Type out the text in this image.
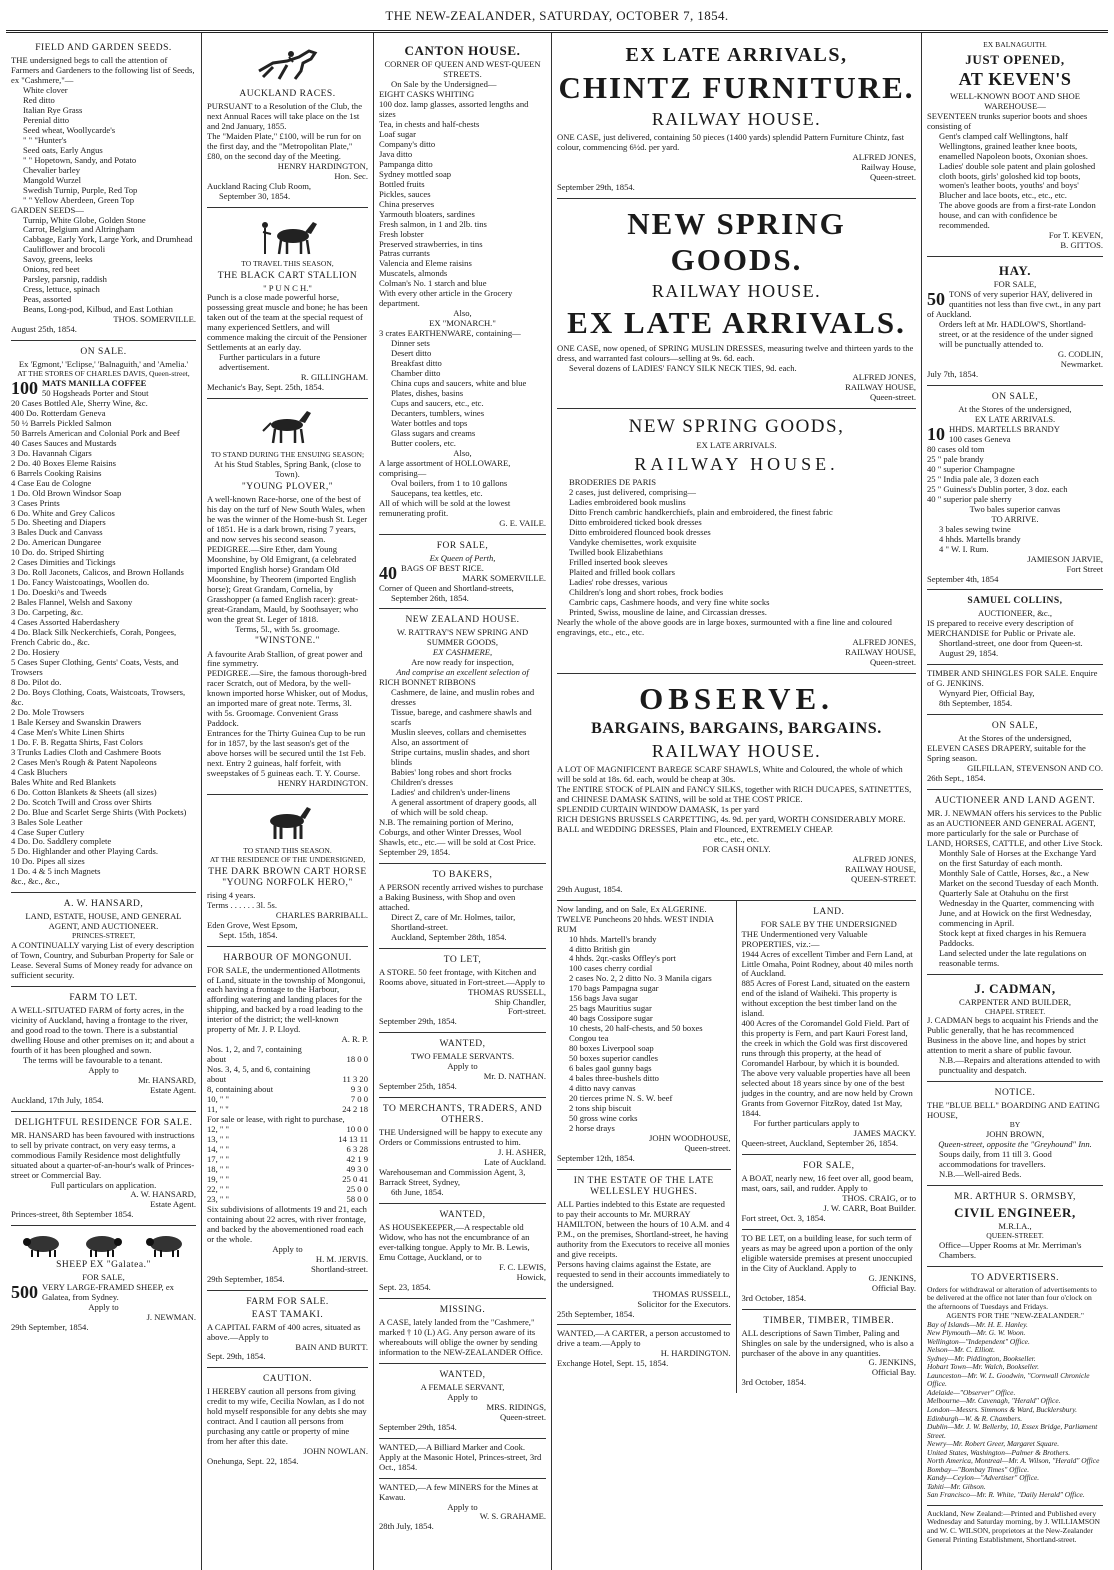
THE NEW-ZEALANDER, SATURDAY, OCTOBER 7, 1854.
FIELD AND GARDEN SEEDS.

THE undersigned begs to call the attention of Farmers and Gardeners to the following list of Seeds, ex "Cashmere,"—

White clover
Red ditto
Italian Rye Grass
Perenial ditto
Seed wheat, Woollycarde's
" " "Hunter's
Seed oats, Early Angus
" " Hopetown, Sandy, and Potato
Chevalier barley
Mangold Wurzel
Swedish Turnip, Purple, Red Top
" " Yellow Aberdeen, Green Top

GARDEN SEEDS—

Turnip, White Globe, Golden Stone
Carrot, Belgium and Altringham
Cabbage, Early York, Large York, and Drumhead
Cauliflower and brocoli
Savoy, greens, leeks
Onions, red beet
Parsley, parsnip, raddish
Cress, lettuce, spinach
Peas, assorted
Beans, Long-pod, Kilbud, and East Lothian

THOS. SOMERVILLE.

August 25th, 1854.

ON SALE.

Ex 'Egmont,' 'Eclipse,' 'Balnaguith,' and 'Amelia.'

AT THE STORES OF CHARLES DAVIS, Queen-street,

100 MATS MANILLA COFFEE

50 Hogsheads Porter and Stout
20 Cases Bottled Ale, Sherry Wine, &c.
400 Do. Rotterdam Geneva
50 ½ Barrels Pickled Salmon
50 Barrels American and Colonial Pork and Beef
40 Cases Sauces and Mustards
3 Do. Havannah Cigars
2 Do. 40 Boxes Eleme Raisins
6 Barrels Cooking Raisins
4 Case Eau de Cologne
1 Do. Old Brown Windsor Soap
3 Cases Prints
6 Do. White and Grey Calicos
5 Do. Sheeting and Diapers
3 Bales Duck and Canvass
2 Do. American Dungaree
10 Do. do. Striped Shirting
2 Cases Dimities and Tickings
3 Do. Roll Jaconets, Calicos, and Brown Hollands
1 Do. Fancy Waistcoatings, Woollen do.
1 Do. Doeski^s and Tweeds
2 Bales Flannel, Welsh and Saxony
3 Do. Carpeting, &c.
4 Cases Assorted Haberdashery
4 Do. Black Silk Neckerchiefs, Corah, Pongees, French Cabric do., &c.
2 Do. Hosiery
5 Cases Super Clothing, Gents' Coats, Vests, and Trowsers
8 Do. Pilot do.
2 Do. Boys Clothing, Coats, Waistcoats, Trowsers, &c.
2 Do. Mole Trowsers
1 Bale Kersey and Swanskin Drawers
4 Case Men's White Linen Shirts
1 Do. F. B. Regatta Shirts, Fast Colors
3 Trunks Ladies Cloth and Cashmere Boots
2 Cases Men's Rough & Patent Napoleons
4 Cask Bluchers
Bales White and Red Blankets
6 Do. Cotton Blankets & Sheets (all sizes)
2 Do. Scotch Twill and Cross over Shirts
2 Do. Blue and Scarlet Serge Shirts (With Pockets)
3 Bales Sole Leather
4 Case Super Cutlery
4 Do. Do. Saddlery complete
5 Do. Highlander and other Playing Cards.
10 Do. Pipes all sizes
1 Do. 4 & 5 inch Magnets
&c., &c., &c.,
A. W. HANSARD,

LAND, ESTATE, HOUSE, AND GENERAL AGENT, AND AUCTIONEER.

PRINCES-STREET,

A CONTINUALLY varying List of every description of Town, Country, and Suburban Property for Sale or Lease. Several Sums of Money ready for advance on sufficient security.

FARM TO LET.

A WELL-SITUATED FARM of forty acres, in the vicinity of Auckland, having a frontage to the river, and good road to the town. There is a substantial dwelling House and other premises on it; and about a fourth of it has been ploughed and sown.

The terms will be favourable to a tenant.

Apply to

Mr. HANSARD,

Estate Agent.

Auckland, 17th July, 1854.

DELIGHTFUL RESIDENCE FOR SALE.

MR. HANSARD has been favoured with instructions to sell by private contract, on very easy terms, a commodious Family Residence most delightfully situated about a quarter-of-an-hour's walk of Princes-street or Commercial Bay.

Full particulars on application.

A. W. HANSARD,

Estate Agent.

Princes-street, 8th September 1854.

SHEEP EX "Galatea."

FOR SALE,

500 VERY LARGE-FRAMED SHEEP, ex Galatea, from Sydney.

Apply to

J. NEWMAN.

29th September, 1854.

AUCKLAND RACES.

PURSUANT to a Resolution of the Club, the next Annual Races will take place on the 1st and 2nd January, 1855.

The "Maiden Plate," £100, will be run for on the first day, and the "Metropolitan Plate," £80, on the second day of the Meeting.

HENRY HARDINGTON,

Hon. Sec.

Auckland Racing Club Room,

September 30, 1854.

TO TRAVEL THIS SEASON,

THE BLACK CART STALLION

" P U N C H."

Punch is a close made powerful horse, possessing great muscle and bone; he has been taken out of the team at the special request of many experienced Settlers, and will commence making the circuit of the Pensioner Settlements at an early day.

Further particulars in a future advertisement.

R. GILLINGHAM.

Mechanic's Bay, Sept. 25th, 1854.

TO STAND DURING THE ENSUING SEASON;

At his Stud Stables, Spring Bank, (close to Town).

"YOUNG PLOVER,"

A well-known Race-horse, one of the best of his day on the turf of New South Wales, when he was the winner of the Home-bush St. Leger of 1851. He is a dark brown, rising 7 years, and now serves his second season.

PEDIGREE.—Sire Ether, dam Young Moonshine, by Old Emigrant, (a celebrated imported English horse) Grandam Old Moonshine, by Theorem (imported English horse); Great Grandam, Cornelia, by Grasshopper (a famed English racer): great-great-Grandam, Mauld, by Soothsayer; who won the great St. Leger of 1818.

Terms, 5l., with 5s. groomage.

"WINSTONE."

A favourite Arab Stallion, of great power and fine symmetry.

PEDIGREE.—Sire, the famous thorough-bred racer Scratch, out of Medora, by the well-known imported horse Whisker, out of Modus, an imported mare of great note. Terms, 3l. with 5s. Groomage. Convenient Grass Paddock.

Entrances for the Thirty Guinea Cup to be run for in 1857, by the last season's get of the above horses will be secured until the 1st Feb. next. Entry 2 guineas, half forfeit, with sweepstakes of 5 guineas each. T. Y. Course.

HENRY HARDINGTON.

TO STAND THIS SEASON.

AT THE RESIDENCE OF THE UNDERSIGNED,

THE DARK BROWN CART HORSE "YOUNG NORFOLK HERO,"

rising 4 years.

Terms . . . . . . 3l. 5s.

CHARLES BARRIBALL.

Eden Grove, West Epsom,

Sept. 15th, 1854.

HARBOUR OF MONGONUI.

FOR SALE, the undermentioned Allotments of Land, situate in the township of Mongonui, each having a frontage to the Harbour, affording watering and landing places for the shipping, and backed by a road leading to the interior of the district; the well-known property of Mr. J. P. Lloyd.

A. R. P.

Nos. 1, 2, and 7, containing
about	18 0 0
Nos. 3, 4, 5, and 6, containing
about	11 3 20
8, containing about	9 3 0
10, " "	7 0 0
11, " "	24 2 18
For sale or lease, with right to purchase,
12, " "	10 0 0
13, " "	14 13 11
14, " "	6 3 28
17, " "	42 1 9
18, " "	49 3 0
19, " "	25 0 41
22, " "	25 0 0
23, " "	58 0 0

Six subdivisions of allotments 19 and 21, each containing about 22 acres, with river frontage, and backed by the abovementioned road each or the whole.

Apply to

H. M. JERVIS.

Shortland-street.

29th September, 1854.

FARM FOR SALE.
EAST TAMAKI.

A CAPITAL FARM of 400 acres, situated as above.—Apply to

BAIN AND BURTT.

Sept. 29th, 1854.

CAUTION.

I HEREBY caution all persons from giving credit to my wife, Cecilia Nowlan, as I do not hold myself responsible for any debts she may contract. And I caution all persons from purchasing any cattle or property of mine from her after this date.

JOHN NOWLAN.

Onehunga, Sept. 22, 1854.

CANTON HOUSE.

CORNER OF QUEEN AND WEST-QUEEN STREETS.

On Sale by the Undersigned—

EIGHT CASKS WHITING

100 doz. lamp glasses, assorted lengths and sizes
Tea, in chests and half-chests
Loaf sugar
Company's ditto
Java ditto
Pampanga ditto
Sydney mottled soap
Bottled fruits
Pickles, sauces
China preserves
Yarmouth bloaters, sardines
Fresh salmon, in 1 and 2lb. tins
Fresh lobster
Preserved strawberries, in tins
Patras currants
Valencia and Eleme raisins
Muscatels, almonds
Colman's No. 1 starch and blue

With every other article in the Grocery department.

Also,

EX "MONARCH."

3 crates EARTHENWARE, containing—

Dinner sets
Desert ditto
Breakfast ditto
Chamber ditto
China cups and saucers, white and blue
Plates, dishes, basins
Cups and saucers, etc., etc.
Decanters, tumblers, wines
Water bottles and tops
Glass sugars and creams
Butter coolers, etc.

Also,

A large assortment of HOLLOWARE, comprising—

Oval boilers, from 1 to 10 gallons
Saucepans, tea kettles, etc.

All of which will be sold at the lowest remunerating profit.

G. E. VAILE.

FOR SALE,

Ex Queen of Perth,

40 BAGS OF BEST RICE.

MARK SOMERVILLE.

Corner of Queen and Shortland-streets,

September 26th, 1854.

NEW ZEALAND HOUSE.

W. RATTRAY'S NEW SPRING AND SUMMER GOODS,

EX CASHMERE,

Are now ready for inspection,

And comprise an excellent selection of

RICH BONNET RIBBONS

Cashmere, de laine, and muslin robes and dresses
Tissue, barege, and cashmere shawls and scarfs
Muslin sleeves, collars and chemisettes
Also, an assortment of
Stripe curtains, muslin shades, and short blinds
Babies' long robes and short frocks
Children's dresses
Ladies' and children's under-linens
A general assortment of drapery goods, all of which will be sold cheap.

N.B. The remaining portion of Merino, Coburgs, and other Winter Dresses, Wool Shawls, etc., etc.— will be sold at Cost Price.

September 29, 1854.

TO BAKERS,

A PERSON recently arrived wishes to purchase a Baking Business, with Shop and oven attached.

Direct Z, care of Mr. Holmes, tailor, Shortland-street.

Auckland, September 28th, 1854.

TO LET,

A STORE. 50 feet frontage, with Kitchen and Rooms above, situated in Fort-street.—Apply to

THOMAS RUSSELL,

Ship Chandler,

Fort-street.

September 29th, 1854.

WANTED,

TWO FEMALE SERVANTS.

Apply to

Mr. D. NATHAN.

September 25th, 1854.

TO MERCHANTS, TRADERS, AND OTHERS.

THE Undersigned will be happy to execute any Orders or Commissions entrusted to him.

J. H. ASHER,

Late of Auckland.

Warehouseman and Commission Agent, 3, Barrack Street, Sydney,

6th June, 1854.

WANTED,

AS HOUSEKEEPER,—A respectable old Widow, who has not the encumbrance of an ever-talking tongue. Apply to Mr. B. Lewis, Emu Cottage, Auckland, or to

F. C. LEWIS,

Howick,

Sept. 23, 1854.

MISSING.

A CASE, lately landed from the "Cashmere," marked † 10 (L) AG. Any person aware of its whereabouts will oblige the owner by sending information to the NEW-ZEALANDER Office.

WANTED,

A FEMALE SERVANT,

Apply to

MRS. RIDINGS,

Queen-street.

September 29th, 1854.

WANTED,—A Billiard Marker and Cook. Apply at the Masonic Hotel, Princes-street, 3rd Oct., 1854.

WANTED,—A few MINERS for the Mines at Kawau.

Apply to

W. S. GRAHAME.

28th July, 1854.

EX LATE ARRIVALS,
CHINTZ FURNITURE.
RAILWAY HOUSE.

ONE CASE, just delivered, containing 50 pieces (1400 yards) splendid Pattern Furniture Chintz, fast colour, commencing 6½d. per yard.

ALFRED JONES,

Railway House,

Queen-street.

September 29th, 1854.

NEW SPRING GOODS.
RAILWAY HOUSE.
EX LATE ARRIVALS.

ONE CASE, now opened, of SPRING MUSLIN DRESSES, measuring twelve and thirteen yards to the dress, and warranted fast colours—selling at 9s. 6d. each.

Several dozens of LADIES' FANCY SILK NECK TIES, 9d. each.

ALFRED JONES,

RAILWAY HOUSE,

Queen-street.

NEW SPRING GOODS,

EX LATE ARRIVALS.

RAILWAY HOUSE.

BRODERIES DE PARIS

2 cases, just delivered, comprising—

Ladies embroidered book muslins
Ditto French cambric handkerchiefs, plain and embroidered, the finest fabric
Ditto embroidered ticked book dresses
Ditto embroidered flounced book dresses
Vandyke chemisettes, work exquisite
Twilled book Elizabethians
Frilled inserted book sleeves
Plaited and frilled book collars
Ladies' robe dresses, various
Children's long and short robes, frock bodies
Cambric caps, Cashmere hoods, and very fine white socks
Printed, Swiss, mousline de laine, and Circassian dresses.

Nearly the whole of the above goods are in large boxes, surmounted with a fine line and coloured engravings, etc., etc., etc.

ALFRED JONES,

RAILWAY HOUSE,

Queen-street.

OBSERVE.
BARGAINS, BARGAINS, BARGAINS.
RAILWAY HOUSE.

A LOT OF MAGNIFICENT BAREGE SCARF SHAWLS, White and Coloured, the whole of which will be sold at 18s. 6d. each, would be cheap at 30s.

The ENTIRE STOCK of PLAIN and FANCY SILKS, together with RICH DUCAPES, SATINETTES, and CHINESE DAMASK SATINS, will be sold at THE COST PRICE.

SPLENDID CURTAIN WINDOW DAMASK, 1s per yard

RICH DESIGNS BRUSSELS CARPETTING, 4s. 9d. per yard, WORTH CONSIDERABLY MORE.

BALL and WEDDING DRESSES, Plain and Flounced, EXTREMELY CHEAP.

etc., etc., etc.

FOR CASH ONLY.

ALFRED JONES,

RAILWAY HOUSE,

QUEEN-STREET.

29th August, 1854.

Now landing, and on Sale, Ex ALGERINE.

TWELVE Puncheons 20 hhds. WEST INDIA RUM

10 hhds. Martell's brandy
4 ditto British gin
4 hhds. 2qr.-casks Offley's port
100 cases cherry cordial
2 cases No. 2, 2 ditto No. 3 Manila cigars
170 bags Pampagna sugar
156 bags Java sugar
25 bags Mauritius sugar
40 bags Cossipore sugar
10 chests, 20 half-chests, and 50 boxes Congou tea
80 boxes Liverpool soap
50 boxes superior candles
6 bales gaol gunny bags
4 bales three-bushels ditto
4 ditto navy canvas
20 tierces prime N. S. W. beef
2 tons ship biscuit
50 gross wine corks
2 horse drays

JOHN WOODHOUSE,

Queen-street.

September 12th, 1854.

IN THE ESTATE OF THE LATE WELLESLEY HUGHES.

ALL Parties indebted to this Estate are requested to pay their accounts to Mr. MURRAY HAMILTON, between the hours of 10 A.M. and 4 P.M., on the premises, Shortland-street, he having authority from the Executors to receive all monies and give receipts.

Persons having claims against the Estate, are requested to send in their accounts immediately to the undersigned.

THOMAS RUSSELL,

Solicitor for the Executors.

25th September, 1854.

WANTED,—A CARTER, a person accustomed to drive a team.—Apply to

H. HARDINGTON.

Exchange Hotel, Sept. 15, 1854.

LAND.

FOR SALE BY THE UNDERSIGNED

THE Undermentioned very Valuable PROPERTIES, viz.:—

1944 Acres of excellent Timber and Fern Land, at Little Omaha, Point Rodney, about 40 miles north of Auckland.
885 Acres of Forest Land, situated on the eastern end of the island of Waiheki. This property is without exception the best timber land on the island.
400 Acres of the Coromandel Gold Field. Part of this property is Fern, and part Kauri Forest land, the creek in which the Gold was first discovered runs through this property, at the head of Coromandel Harbour, by which it is bounded.

The above very valuable properties have all been selected about 18 years since by one of the best judges in the country, and are now held by Crown Grants from Governor FitzRoy, dated 1st May, 1844.

For further particulars apply to

JAMES MACKY.

Queen-street, Auckland, September 26, 1854.

FOR SALE,

A BOAT, nearly new, 16 feet over all, good beam, mast, oars, sail, and rudder. Apply to

THOS. CRAIG, or to

J. W. CARR, Boat Builder.

Fort street, Oct. 3, 1854.

TO BE LET, on a building lease, for such term of years as may be agreed upon a portion of the only eligible waterside premises at present unoccupied in the City of Auckland. Apply to

G. JENKINS,

Official Bay.

3rd October, 1854.

TIMBER, TIMBER, TIMBER.

ALL descriptions of Sawn Timber, Paling and Shingles on sale by the undersigned, who is also a purchaser of the above in any quantities.

G. JENKINS,

Official Bay.

3rd October, 1854.

EX BALNAGUITH.

JUST OPENED,
AT KEVEN'S

WELL-KNOWN BOOT AND SHOE WAREHOUSE—

SEVENTEEN trunks superior boots and shoes consisting of

Gent's clamped calf Wellingtons, half Wellingtons, grained leather knee boots, enamelled Napoleon boots, Oxonian shoes. Ladies' double sole patent and plain goloshed cloth boots, girls' goloshed kid top boots, women's leather boots, youths' and boys' Blucher and lace boots, etc., etc., etc.

The above goods are from a first-rate London house, and can with confidence be recommended.

For T. KEVEN,

B. GITTOS.

HAY.

FOR SALE,

50 TONS of very superior HAY, delivered in quantities not less than five cwt., in any part of Auckland.

Orders left at Mr. HADLOW'S, Shortland-street, or at the residence of the under signed will be punctually attended to.

G. CODLIN,

Newmarket.

July 7th, 1854.

ON SALE,

At the Stores of the undersigned,

EX LATE ARRIVALS.

10 HHDS. MARTELLS BRANDY

100 cases Geneva
80 cases old tom
25 " pale brandy
40 " superior Champagne
25 " India pale ale, 3 dozen each
25 " Guiness's Dublin porter, 3 doz. each
40 " superior pale sherry

Two bales superior canvas

TO ARRIVE.

3 bales sewing twine
4 hhds. Martells brandy
4 " W. I. Rum.

JAMIESON JARVIE,

Fort Street

September 4th, 1854

SAMUEL COLLINS,

AUCTIONEER, &c.,

IS prepared to receive every description of MERCHANDISE for Public or Private ale.

Shortland-street, one door from Queen-st. August 29, 1854.

TIMBER AND SHINGLES FOR SALE. Enquire of G. JENKINS.

Wynyard Pier, Official Bay,

8th September, 1854.

ON SALE,

At the Stores of the undersigned,

ELEVEN CASES DRAPERY, suitable for the Spring season.

GILFILLAN, STEVENSON AND CO.

26th Sept., 1854.

AUCTIONEER AND LAND AGENT.

MR. J. NEWMAN offers his services to the Public as an AUCTIONEER AND GENERAL AGENT, more particularly for the sale or Purchase of LAND, HORSES, CATTLE, and other Live Stock.

Monthly Sale of Horses at the Exchange Yard on the first Saturday of each month.

Monthly Sale of Cattle, Horses, &c., a New Market on the second Tuesday of each Month.

Quarterly Sale at Otahuhu on the first Wednesday in the Quarter, commencing with June, and at Howick on the first Wednesday, commencing in April.

Stock kept at fixed charges in his Remuera Paddocks.

Land selected under the late regulations on reasonable terms.

J. CADMAN,

CARPENTER AND BUILDER,

CHAPEL STREET.

J. CADMAN begs to acquaint his Friends and the Public generally, that he has recommenced Business in the above line, and hopes by strict attention to merit a share of public favour.

N.B.—Repairs and alterations attended to with punctuality and despatch.

NOTICE.

THE "BLUE BELL" BOARDING AND EATING HOUSE,

BY

JOHN BROWN,

Queen-street, opposite the "Greyhound" Inn.

Soups daily, from 11 till 3. Good accommodations for travellers.

N.B.—Well-aired Beds.

MR. ARTHUR S. ORMSBY,
CIVIL ENGINEER,

M.R.I.A.,

QUEEN-STREET.

Office—Upper Rooms at Mr. Merriman's Chambers.

TO ADVERTISERS.

Orders for withdrawal or alteration of advertisements to be delivered at the office not later than four o'clock on the afternoons of Tuesdays and Fridays.

AGENTS FOR THE "NEW-ZEALANDER."

Bay of Islands—Mr. H. E. Hanley.
New Plymouth—Mr. G. W. Woon.
Wellington—"Independent" Office.
Nelson—Mr. C. Elliott.
Sydney—Mr. Piddington, Bookseller.
Hobart Town—Mr. Walch, Bookseller.
Launceston—Mr. W. L. Goodwin, "Cornwall Chronicle Office.
Adelaide—"Observer" Office.
Melbourne—Mr. Cavenagh, "Herald" Office.
London—Messrs. Simmons & Ward, Bucklersbury.
Edinburgh—W. & R. Chambers.
Dublin—Mr. J. W. Bellerby, 10, Essex Bridge, Parliament Street.
Newry—Mr. Robert Greer, Margaret Square.
United States, Washington—Palmer & Brothers.
North America, Montreal—Mr. A. Wilson, "Herald" Office
Bombay—"Bombay Times" Office.
Kandy—Ceylon—"Advertiser" Office.
Tahiti—Mr. Gibson.
San Francisco—Mr. R. White, "Daily Herald" Office.

Auckland, New Zealand:—Printed and Published every Wednesday and Saturday morning, by J. WILLIAMSON and W. C. WILSON, proprietors at the New-Zealander General Printing Establishment, Shortland-street.
